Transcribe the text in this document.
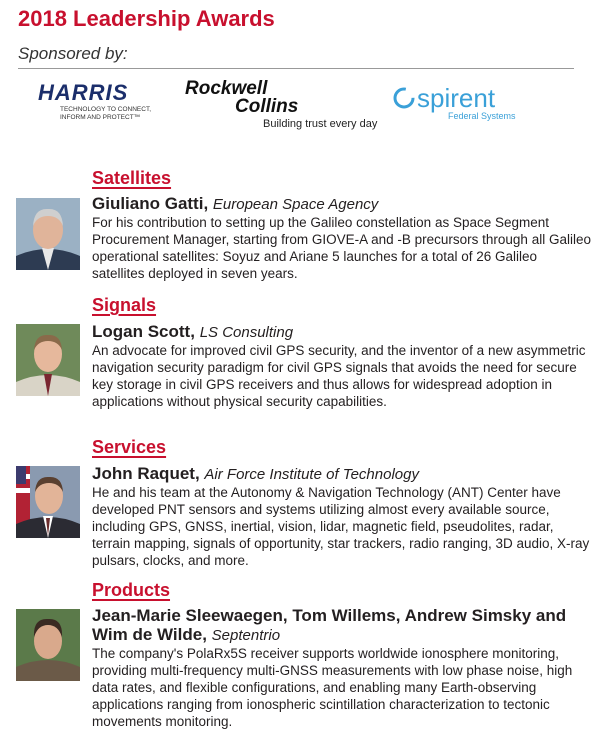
2018 Leadership Awards
Sponsored by:
HARRIS
TECHNOLOGY TO CONNECT, INFORM AND PROTECT™
Rockwell
Collins
Building trust every day
spirent
Federal Systems
Satellites
Giuliano Gatti, European Space Agency
For his contribution to setting up the Galileo constellation as Space Segment Procurement Manager, starting from GIOVE-A and -B precursors through all Galileo operational satellites: Soyuz and Ariane 5 launches for a total of 26 Galileo satellites deployed in seven years.
Signals
Logan Scott, LS Consulting
An advocate for improved civil GPS security, and the inventor of a new asymmetric navigation security paradigm for civil GPS signals that avoids the need for secure key storage in civil GPS receivers and thus allows for widespread adoption in applications without physical security capabilities.
Services
John Raquet, Air Force Institute of Technology
He and his team at the Autonomy & Navigation Technology (ANT) Center have developed PNT sensors and systems utilizing almost every available source, including GPS, GNSS, inertial, vision, lidar, magnetic field, pseudolites, radar, terrain mapping, signals of opportunity, star trackers, radio ranging, 3D audio, X-ray pulsars, clocks, and more.
Products
Jean-Marie Sleewaegen, Tom Willems, Andrew Simsky and Wim de Wilde, Septentrio
The company's PolaRx5S receiver supports worldwide ionosphere monitoring, providing multi-frequency multi-GNSS measurements with low phase noise, high data rates, and flexible configurations, and enabling many Earth-observing applications ranging from ionospheric scintillation characterization to tectonic movements monitoring.
